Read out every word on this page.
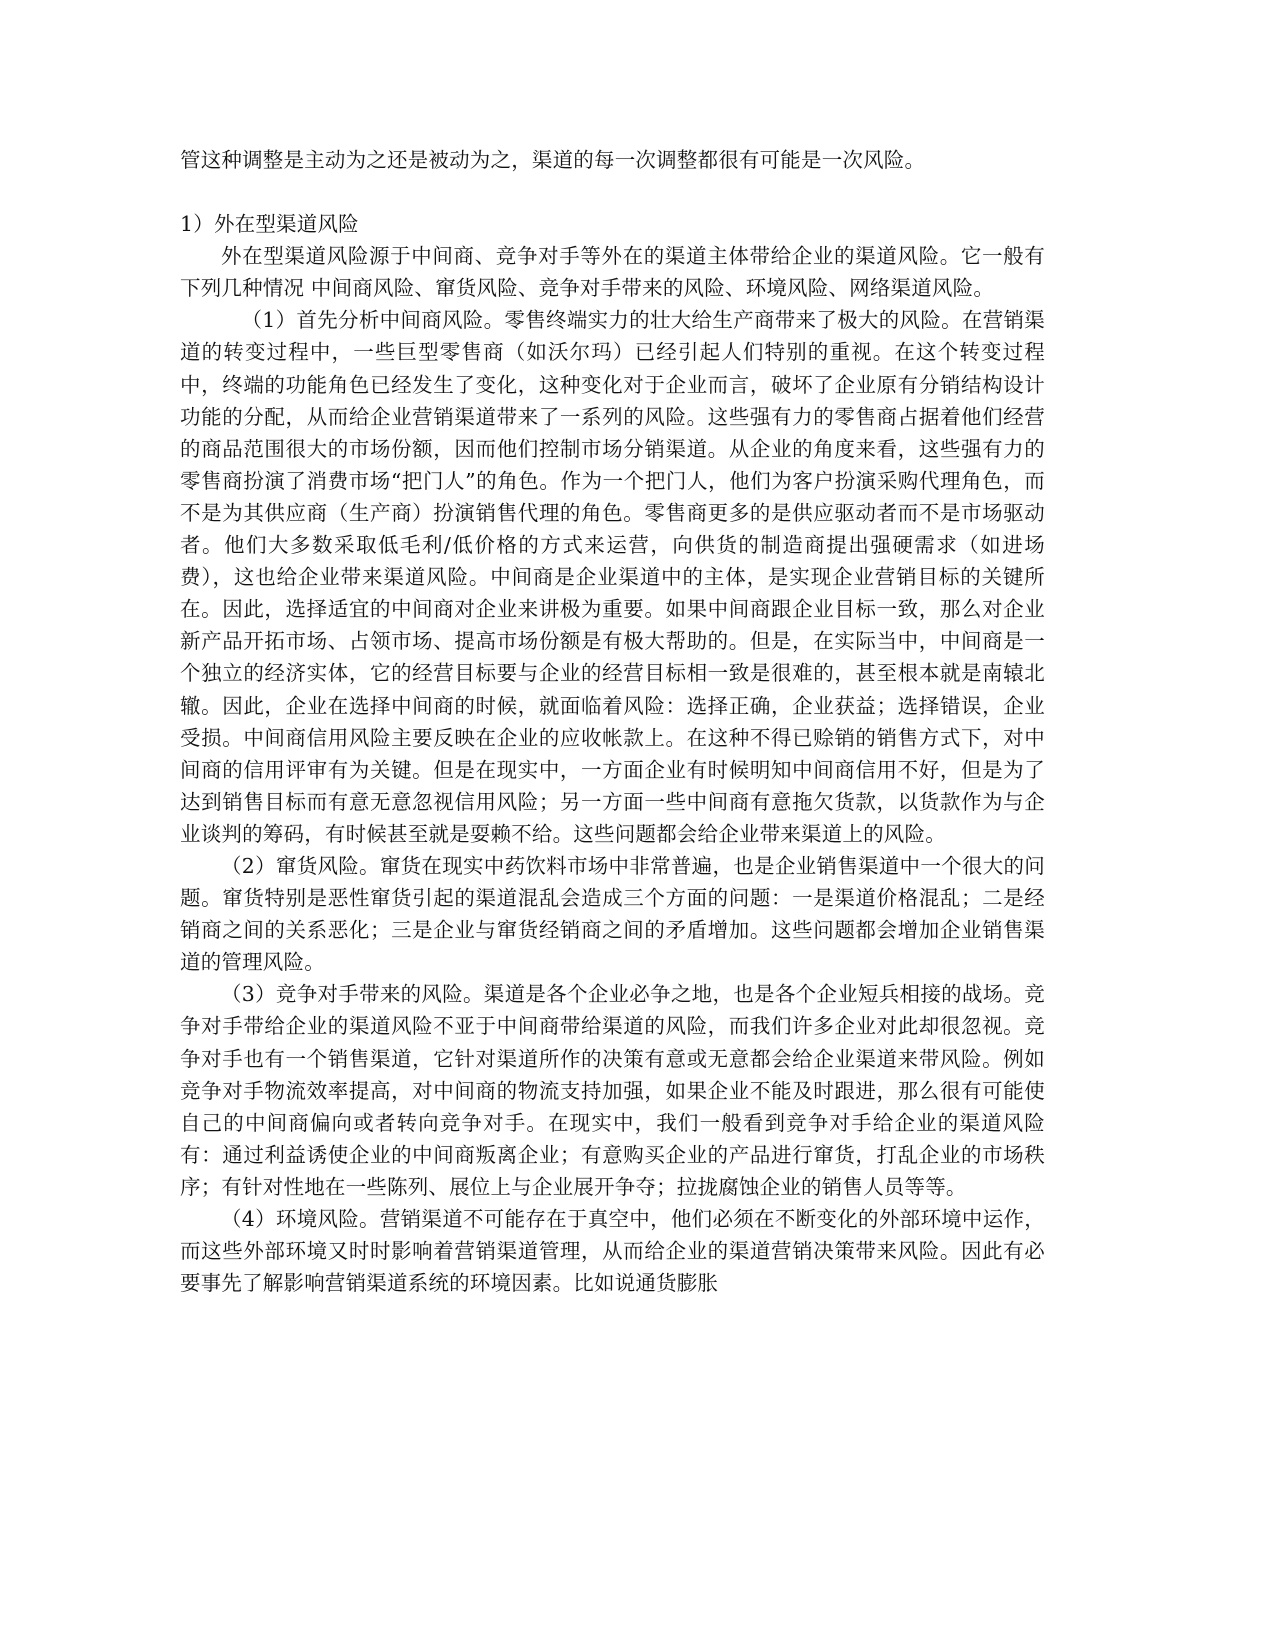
管这种调整是主动为之还是被动为之，渠道的每一次调整都很有可能是一次风险。

1）外在型渠道风险

外在型渠道风险源于中间商、竞争对手等外在的渠道主体带给企业的渠道风险。它一般有下列几种情况 中间商风险、窜货风险、竞争对手带来的风险、环境风险、网络渠道风险。

（1）首先分析中间商风险。零售终端实力的壮大给生产商带来了极大的风险。在营销渠道的转变过程中，一些巨型零售商（如沃尔玛）已经引起人们特别的重视。在这个转变过程中，终端的功能角色已经发生了变化，这种变化对于企业而言，破坏了企业原有分销结构设计功能的分配，从而给企业营销渠道带来了一系列的风险。这些强有力的零售商占据着他们经营的商品范围很大的市场份额，因而他们控制市场分销渠道。从企业的角度来看，这些强有力的零售商扮演了消费市场“把门人”的角色。作为一个把门人，他们为客户扮演采购代理角色，而不是为其供应商（生产商）扮演销售代理的角色。零售商更多的是供应驱动者而不是市场驱动者。他们大多数采取低毛利/低价格的方式来运营，向供货的制造商提出强硬需求（如进场费），这也给企业带来渠道风险。中间商是企业渠道中的主体，是实现企业营销目标的关键所在。因此，选择适宜的中间商对企业来讲极为重要。如果中间商跟企业目标一致，那么对企业新产品开拓市场、占领市场、提高市场份额是有极大帮助的。但是，在实际当中，中间商是一个独立的经济实体，它的经营目标要与企业的经营目标相一致是很难的，甚至根本就是南辕北辙。因此，企业在选择中间商的时候，就面临着风险：选择正确，企业获益；选择错误，企业受损。中间商信用风险主要反映在企业的应收帐款上。在这种不得已赊销的销售方式下，对中间商的信用评审有为关键。但是在现实中，一方面企业有时候明知中间商信用不好，但是为了达到销售目标而有意无意忽视信用风险；另一方面一些中间商有意拖欠货款，以货款作为与企业谈判的筹码，有时候甚至就是耍赖不给。这些问题都会给企业带来渠道上的风险。

（2）窜货风险。窜货在现实中药饮料市场中非常普遍，也是企业销售渠道中一个很大的问题。窜货特别是恶性窜货引起的渠道混乱会造成三个方面的问题：一是渠道价格混乱；二是经销商之间的关系恶化；三是企业与窜货经销商之间的矛盾增加。这些问题都会增加企业销售渠道的管理风险。

（3）竞争对手带来的风险。渠道是各个企业必争之地，也是各个企业短兵相接的战场。竞争对手带给企业的渠道风险不亚于中间商带给渠道的风险，而我们许多企业对此却很忽视。竞争对手也有一个销售渠道，它针对渠道所作的决策有意或无意都会给企业渠道来带风险。例如竞争对手物流效率提高，对中间商的物流支持加强，如果企业不能及时跟进，那么很有可能使自己的中间商偏向或者转向竞争对手。在现实中，我们一般看到竞争对手给企业的渠道风险有：通过利益诱使企业的中间商叛离企业；有意购买企业的产品进行窜货，打乱企业的市场秩序；有针对性地在一些陈列、展位上与企业展开争夺；拉拢腐蚀企业的销售人员等等。

（4）环境风险。营销渠道不可能存在于真空中，他们必须在不断变化的外部环境中运作，而这些外部环境又时时影响着营销渠道管理，从而给企业的渠道营销决策带来风险。因此有必要事先了解影响营销渠道系统的环境因素。比如说通货膨胀
